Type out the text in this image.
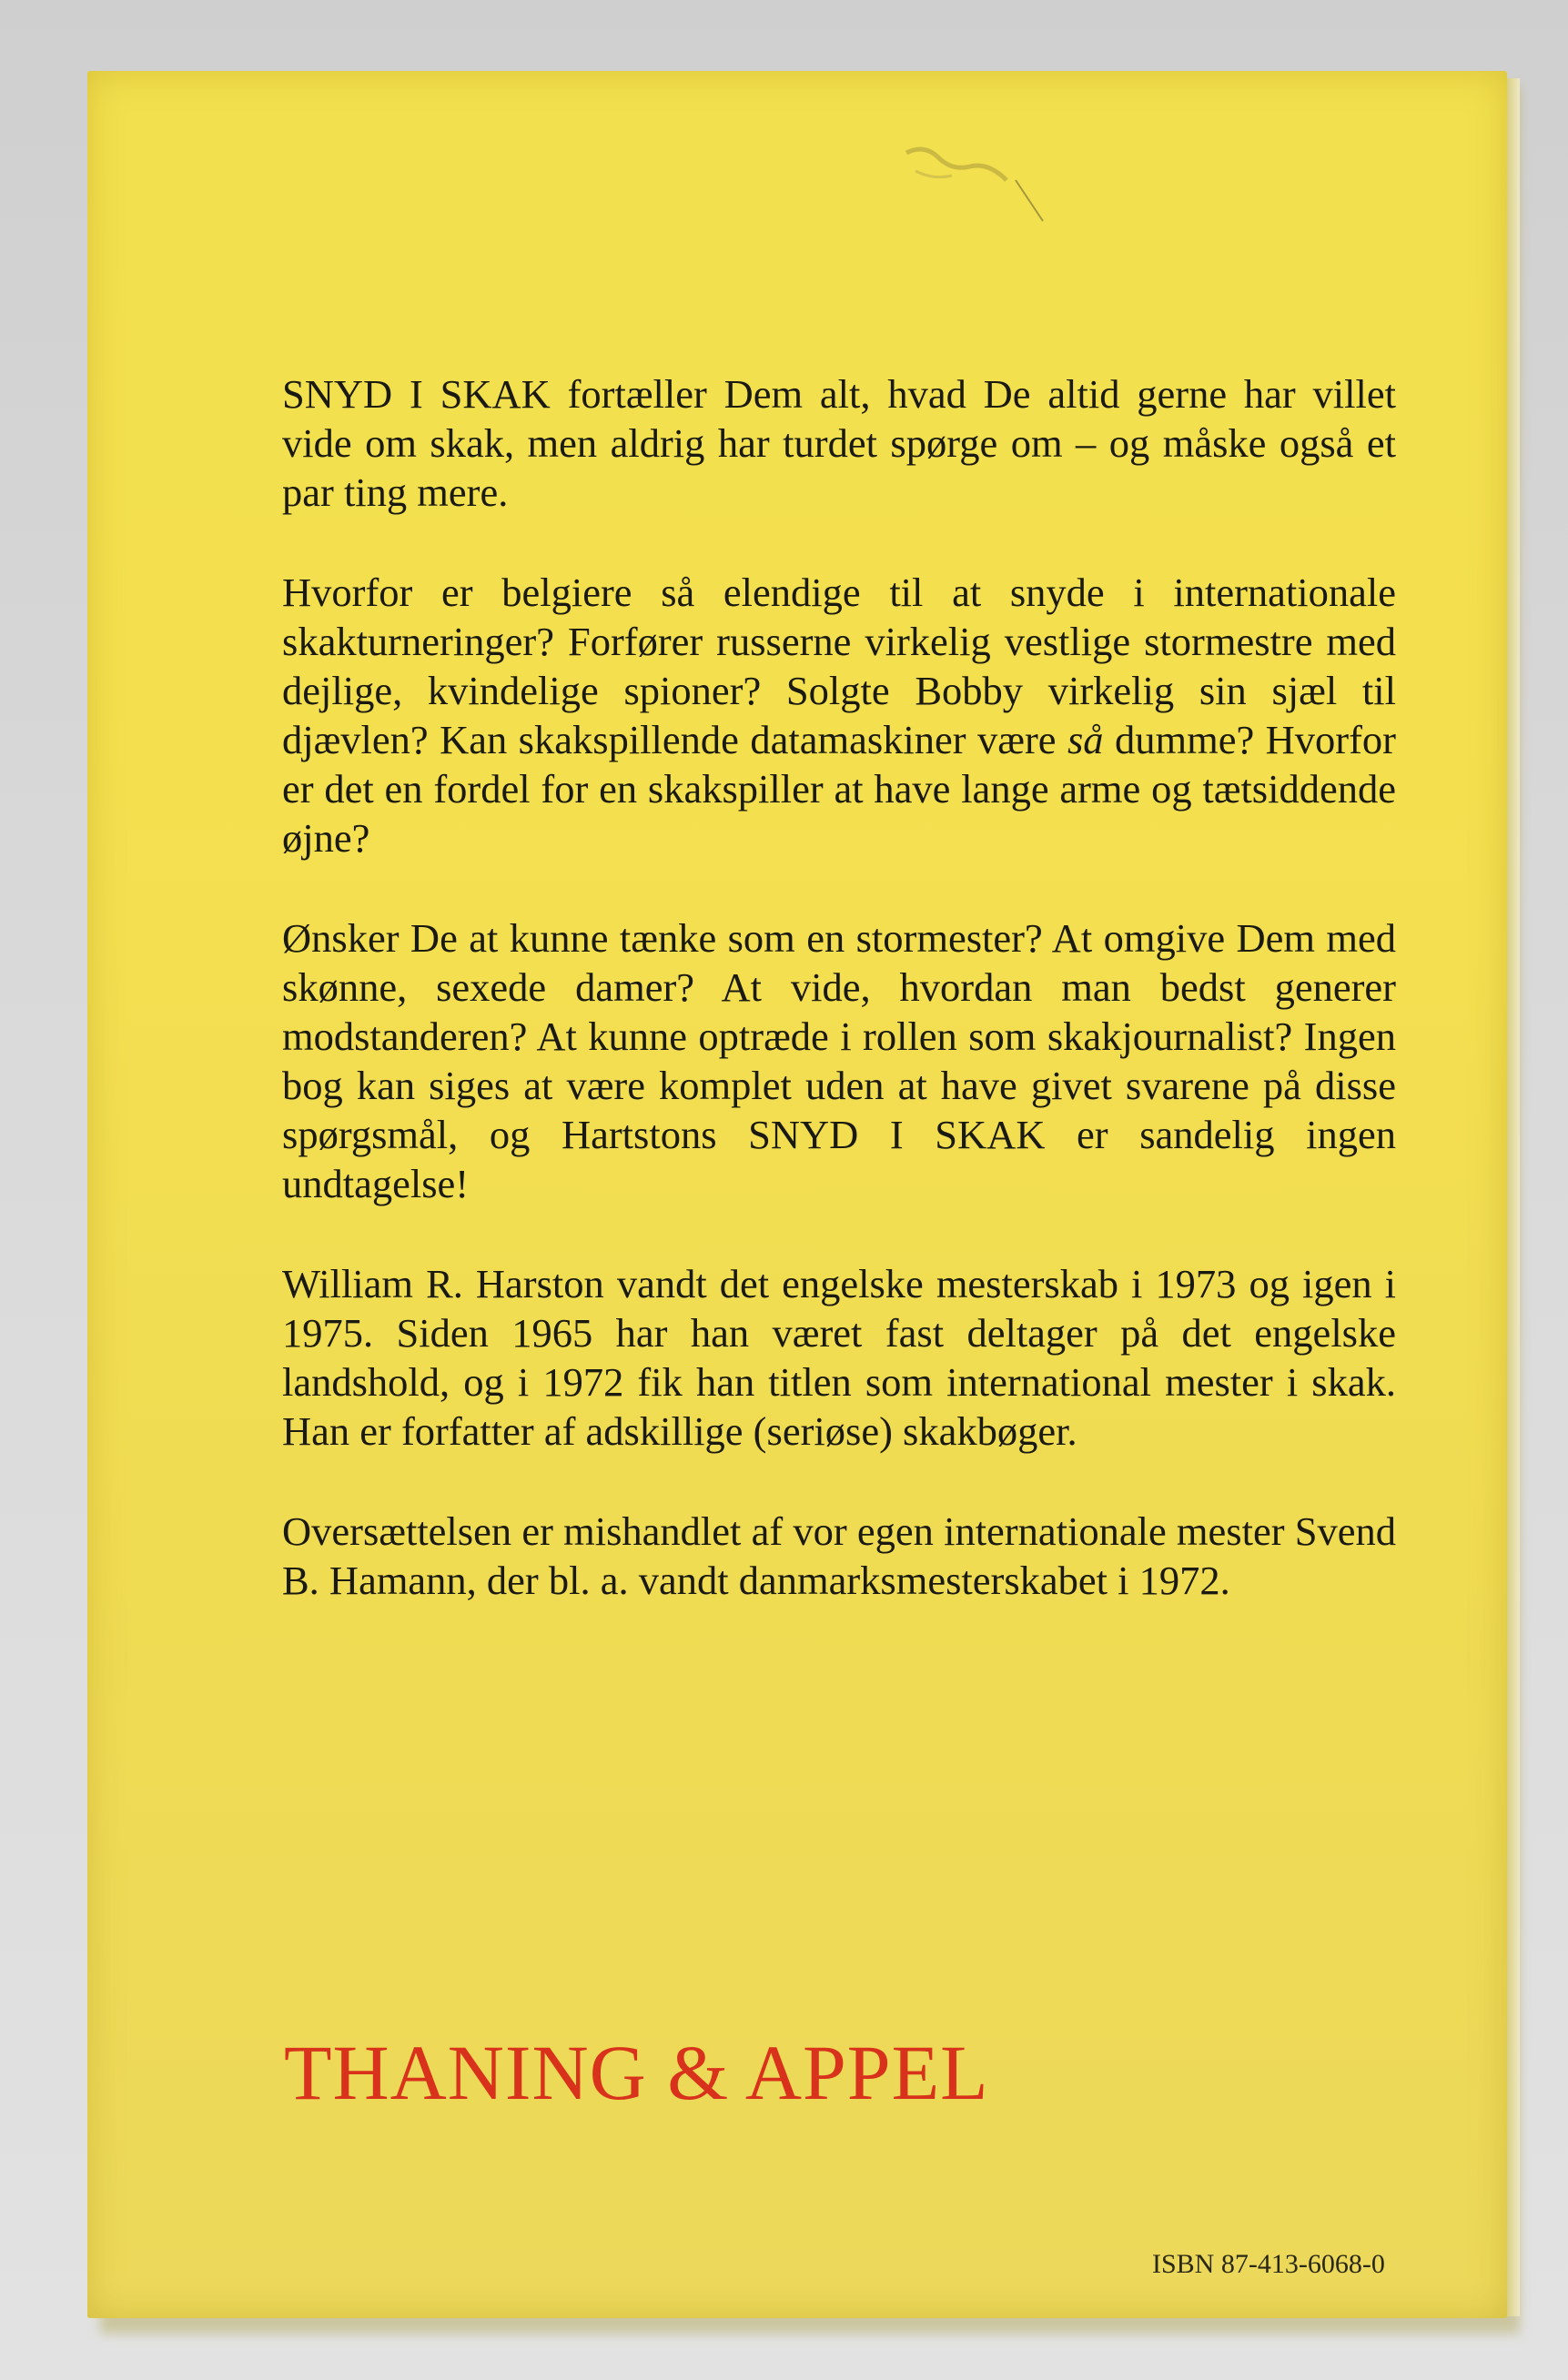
SNYD I SKAK fortæller Dem alt, hvad De altid gerne har villet vide om skak, men aldrig har turdet spørge om – og måske også et par ting mere.

Hvorfor er belgiere så elendige til at snyde i internationale skakturneringer? Forfører russerne virkelig vestlige stormestre med dejlige, kvindelige spioner? Solgte Bobby virkelig sin sjæl til djævlen? Kan skakspillende datamaskiner være så dumme? Hvorfor er det en fordel for en skakspiller at have lange arme og tætsiddende øjne?

Ønsker De at kunne tænke som en stormester? At omgive Dem med skønne, sexede damer? At vide, hvordan man bedst generer modstanderen? At kunne optræde i rollen som skakjournalist? Ingen bog kan siges at være komplet uden at have givet svarene på disse spørgsmål, og Hartstons SNYD I SKAK er sandelig ingen undtagelse!

William R. Harston vandt det engelske mesterskab i 1973 og igen i 1975. Siden 1965 har han været fast deltager på det engelske landshold, og i 1972 fik han titlen som international mester i skak. Han er forfatter af adskillige (seriøse) skakbøger.

Oversættelsen er mishandlet af vor egen internationale mester Svend B. Hamann, der bl. a. vandt danmarksmesterskabet i 1972.

THANING & APPEL
ISBN 87-413-6068-0
